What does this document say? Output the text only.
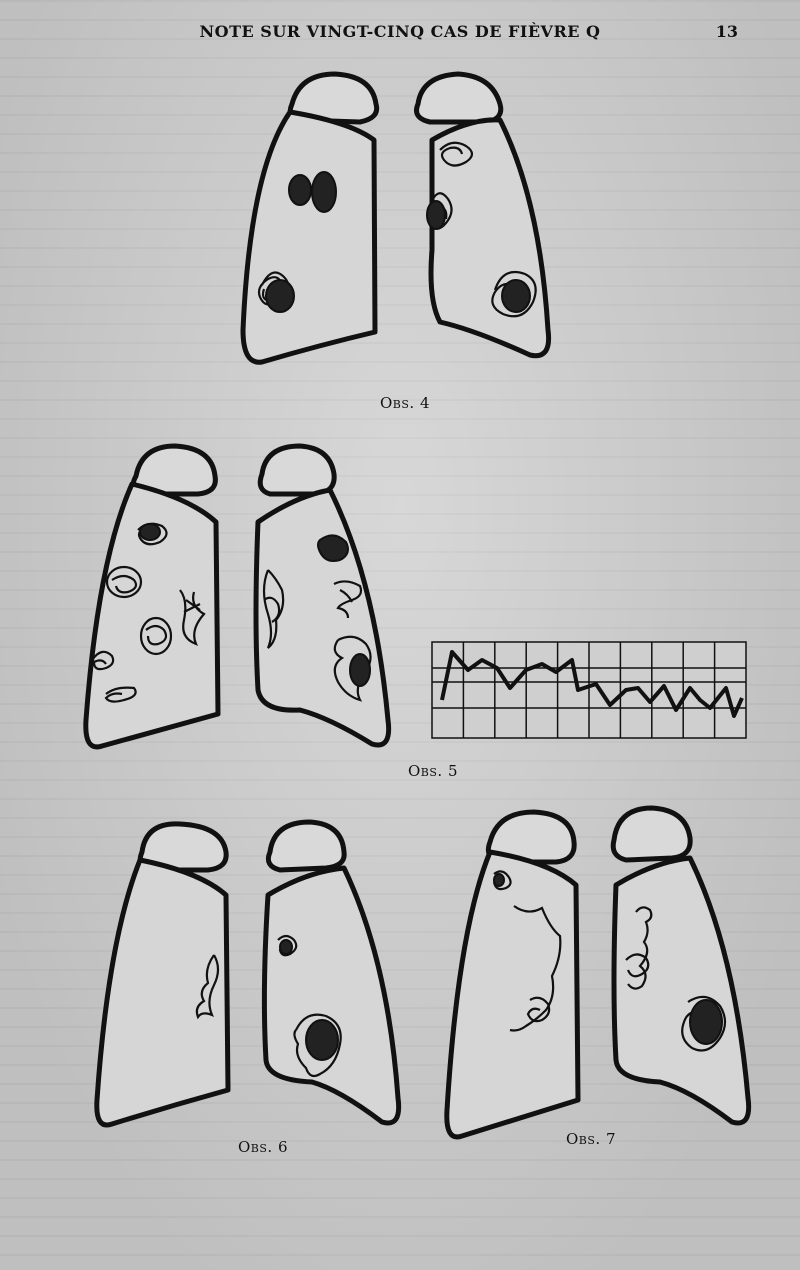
NOTE SUR VINGT-CINQ CAS DE FIÈVRE Q	13
Obs. 4
Obs. 5
Obs. 6	Obs. 7
